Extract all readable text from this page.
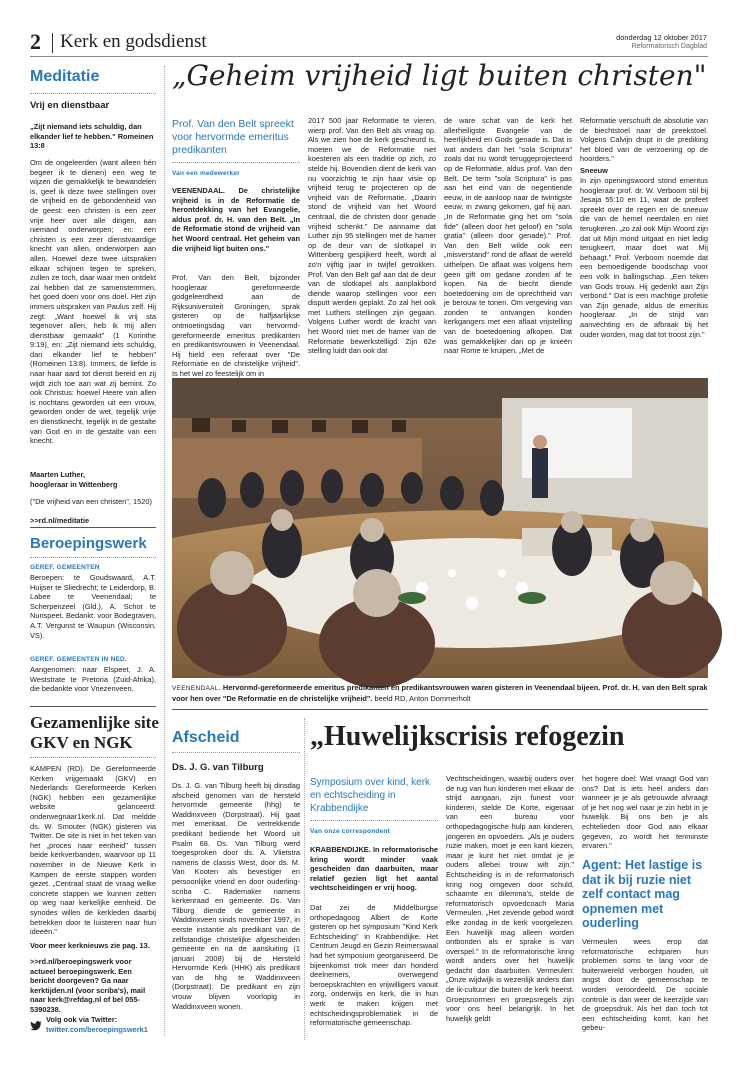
2 Kerk en godsdienst	donderdag 12 oktober 2017
Reformatorisch Dagblad
Meditatie
Vrij en dienstbaar
„Zijt niemand iets schuldig, dan elkander lief te hebben." Romeinen 13:8
Om de ongeleerden (want alleen hén begeer ik te dienen) een weg te wijzen die gemakkelijk te bewandelen is, geef ik deze twee stellingen over de vrijheid en de gebondenheid van de geest: een christen is een zeer vrije heer over alle dingen, aan niemand onderworpen; en: een christen is een zeer dienstvaardige knecht van allen, onderworpen aan allen. Hoewel deze twee uitspraken elkaar schijnen tegen te spreken, zullen ze toch, daar waar men ontdekt zal hebben dat ze samenstemmen, het goed doen voor ons doel. Het zijn immers uitspraken van Paulus zelf. Hij zegt: „Want hoewel ik vrij sta tegenover allen, heb ik mij allen dienstbaar gemaakt" (1 Korinthe 9:19), en: „Zijt niemand iets schuldig, dan elkander lief te hebben" (Romeinen 13:8). Immers, de liefde is naar haar aard tot dienst bereid en zij wijdt zich toe aan wat zij bemint. Zo ook Christus: hoewel Heere van allen is nochtans geworden uit een vrouw, geworden onder de wet, tegelijk vrije en dienstknecht, tegelijk in de gestalte van God en in de gestalte van een knecht.
Maarten Luther,
hooglerаar in Wittenberg
("De vrijheid van een christen", 1520)
>>rd.nl/meditatie
Beroepingswerk
GEREF. GEMEENTEN
Beroepen: te Goudswaard, A.T. Huijser te Sliedrecht; te Leiderdorp, B. Labee te Veenendaal; te Scherpenzeel (Gld.), A. Schot te Nunspeet. Bedankt: voor Bodegraven, A.T. Vergunst te Waupun (Wisconsin, VS).
GEREF. GEMEENTEN IN NED.
Aangenomen: naar Elspeet, J. A. Weststrate te Pretoria (Zuid-Afrika), die bedankte voor Vriezenveen.
Gezamenlijke site GKV en NGK
KAMPEN (RD). De Gereformeerde Kerken vrijgemaakt (GKV) en Nederlands Gereformeerde Kerken (NGK) hebben een gezamenlijke website gelanceerd: onderwegnaar1kerk.nl. Dat meldde ds. W. Smouter (NGK) gisteren via Twitter. De site is niet in het teken van het „proces naar eenheid" tussen beide kerkverbanden, waarvoor op 11 november in de Nieuwe Kerk in Kampen de eerste stappen worden gezet. „Centraal staat de vraag welke concrete stappen we kunnen zetten op weg naar kerkelijke eenheid. De synodes willen de kerkleden daarbij betrekken door te luisteren naar hun ideeën."
Voor meer kerknieuws zie pag. 13.
>>rd.nl/beroepingswerk voor actueel beroepingswerk. Een bericht doorgeven? Ga naar kerktijden.nl (voor scriba's), mail naar kerk@refdag.nl of bel 055-5390238.
Volg ook via Twitter:
twitter.com/beroepingswerk1
„Geheim vrijheid ligt buiten christen"
Prof. Van den Belt spreekt voor hervormde emeritus predikanten
Van een medewerker
VEENENDAAL. De christelijke vrijheid is in de Reformatie de herontdekking van het Evangelie, aldus prof. dr. H. van den Belt. „In de Reformatie stond de vrijheid van het Woord centraal. Het geheim van die vrijheid ligt buiten ons."
Prof. Van den Belt, bijzonder hoogleraar gereformeerde godgeleerdheid aan de Rijksuniversiteit Groningen, sprak gisteren op de halfjaarlijkse ontmoetingsdag van hervormd-gereformeerde emeritus predikanten en predikantsvrouwen in Veenendaal. Hij hield een referaat over "De Reformatie en de christelijke vrijheid". Is het wel zo feestelijk om in
2017 500 jaar Reformatie te vieren, wierp prof. Van den Belt als vraag op. Als we zien hoe de kerk gescheurd is, moeten we de Reformatie niet koesteren als een traditie op zich, zo stelde hij. Bovendien dient de kerk van nu voorzichtig te zijn haar visie op vrijheid terug te projecteren op de vrijheid van de Reformatie. „Daarin stond de vrijheid van het Woord centraal, die de christen door genade vrijheid schenkt." De aanname dat Luther zijn 95 stellingen met de hamer op de deur van de slotkapel in Wittenberg gespijkerd heeft, wordt al zo'n vijftig jaar in twijfel getrokken. Prof. Van den Belt gaf aan dat de deur van de slotkapel als aanplakbord diende waarop stellingen voor een disputt werden geplakt. Zo zal het ook met Luthers stellingen zijn gegaan. Volgens Luther wordt de kracht van het Woord niet met de hamer van de Reformatie bewerkstelligd. Zijn 62e stelling luidt dan ook dat
de ware schat van de kerk het allerheiligste Evangelie van de heerlijkheid en Gods genade is. Dat is wat anders dan het "sola Scriptura" zoals dat nu wordt teruggeprojecteerd op de Reformatie, aldus prof. Van den Belt. De term "sola Scriptura" is pas aan het eind van de negentiende eeuw, in de aanloop naar de twintigste eeuw, in zwang gekomen, gaf hij aan. „In de Reformatie ging het om "sola fide" (alleen door het geloof) en "sola gratia" (alleen door genade)." Prof. Van den Belt wilde ook een „misverstand" rond de aflaat de wereld uithelpen. De aflaat was volgens hem geen gift om gedane zonden af te kopen. Na de biecht diende boetedoening om de oprechtheid van je berouw te tonen. Om vergeving van zonden te ontvangen konden kerkgangers met een aflaat vrijstelling van de boetedoening afkopen. Dat was gemakkelijker dan op je knieën naar Rome te kruipen. „Met de
Reformatie verschuift de absolutie van de biechtstoel naar de preekstoel. Volgens Calvijn drupt in de prediking het bloed van de verzoening op de hoorders."
Sneeuw
In zijn openingswoord stond emeritus hoogleraar prof. dr. W. Verboom stil bij Jesaja 55:10 en 11, waar de profeet spreekt over de regen en de sneeuw die van de hemel neerdalen en niet terugkeren. „zo zal ook Mijn Woord zijn dat uit Mijn mond uitgaat en niet ledig terugkeert, maar doet wat Mij behaagt." Prof. Verboom noemde dat een bemoedigende boodschap voor een volk in ballingschap. „Een teken van Gods trouw. Hij gedenkt aan Zijn verbond." Dat is een machtige profetie van Zijn genade, aldus de emeritus hoogleraar. „In de strijd van aanvechting en de afbraak bij het ouder worden, mag dat tot troost zijn."
VEENENDAAL. Hervormd-gereformeerde emeritus predikanten en predikantsvrouwen waren gisteren in Veenendaal bijeen. Prof. dr. H. van den Belt sprak voor hen over "De Reformatie en de christelijke vrijheid". beeld RD, Anton Dommerholt
Afscheid
Ds. J. G. van Tilburg
Ds. J. G. van Tilburg heeft bij dinsdag afscheid genomen van de hersteld hervormde gemeente (hhg) te Waddinxveen (Dorpstraat). Hij gaat met emeritaat. De vertrekkende predikant bediende het Woord uit Psalm 68. Ds. Van Tilburg werd toegesproken door ds. A. Vlietstra namens de classis West, door ds. M. Van Kooten als bevestiger en persoonlijke vriend en door ouderling-scriba C. Rademaker namens kerkenraad en gemeente. Ds. Van Tilburg diende de gemeente in Waddinxveen sinds november 1997, in eerste instantie als predikant van de zelfstandige christelijke afgescheiden gemeente en na de aansluiting (1 januari 2008) bij de Hersteld Hervormde Kerk (HHK) als predikant van de hhg te Waddinxveen (Dorpstraat). De predikant en zijn vrouw blijven voorlopig in Waddinxveen wonen.
„Huwelijkscrisis refogezin
Symposium over kind, kerk en echtscheiding in Krabbendijke
Van onze correspondent
KRABBENDIJKE. In reformatorische kring wordt minder vaak gescheiden dan daarbuiten, maar relatief gezien ligt het aantal vechtscheidingen er vrij hoog.
Dat zei de Middelburgse orthopedagoog Albert de Korte gisteren op het symposium "Kind Kerk Echtscheiding" in Krabbendijke. Het Centrum Jeugd en Gezin Reimerswaal had het symposium georganiseerd. De bijeenkomst trok meer dan honderd deelnemers, overwegend beroepskrachten en vrijwilligers vanuit zorg, onderwijs en kerk, die in hun werk te maken krijgen met echtscheidingsproblematiek in de reformatorische gemeenschap.
Vechtscheidingen, waarbij ouders over de rug van hun kinderen met elkaar de strijd aangaan, zijn funest voor kinderen, stelde De Korte, eigenaar van een bureau voor orthopedagogische hulp aan kinderen, jongeren en opvoeders. „Als je ouders ruzie maken, moet je een kant kiezen, maar je kunt het niet omdat je je ouders allebei trouw wilt zijn." Echtscheiding is in de reformatorisch kring nog omgeven door schuld, schaamte en dilemma's, stelde de reformatorisch opvoedcoach Maria Vermeulen. „Het zevende gebod wordt elke zondag in de kerk voorgelezen. Een huwelijk mag alleen worden ontbonden als er sprake is van overspel." In de reformatorische kring wordt anders over het huwelijk gedacht dan daarbuiten. Vermeulen: „Onze wijdwijk is wezenlijk anders dan de ik-cultuur die buiten de kerk heerst. Groepsnormen en groepsregels zijn voor ons heel belangrijk. In het huwelijk geldt
het hogere doel: Wat vraagt God van ons? Dat is iets heel anders dan wanneer je je als getrouwde afvraagt of je het nog wel naar je zin hebt in je huwelijk. Bij ons ben je als echtelieden door God aan elkaar gegeven, zo wordt het tenminste ervaren."
Agent: Het lastige is dat ik bij ruzie niet zelf contact mag opnemen met ouderling
Vermeulen wees erop dat reformatorische echtparen hun problemen soms te lang voor de buitenwereld verborgen houden, uit angst door de gemeenschap te worden veroordeeld. De sociale controle is dan weer de keerzijde van de groepsdruk. Als het dan toch tot een echtscheiding komt, kan het gebeu-
